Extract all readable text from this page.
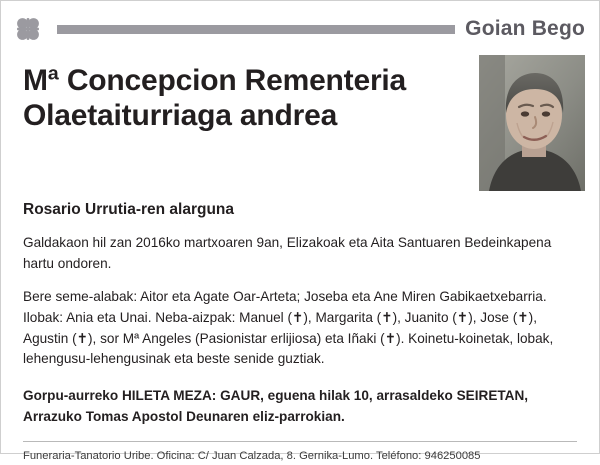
Goian Bego
Mª Concepcion Rementeria Olaetaiturriaga andrea
Rosario Urrutia-ren alarguna

Galdakaon hil zan 2016ko martxoaren 9an, Elizakoak eta Aita Santuaren Bedeinkapena hartu ondoren.

Bere seme-alabak: Aitor eta Agate Oar-Arteta; Joseba eta Ane Miren Gabikaetxebarria. Ilobak: Ania eta Unai. Neba-aizpak: Manuel (✝), Margarita (✝), Juanito (✝), Jose (✝), Agustin (✝), sor Mª Angeles (Pasionistar erlijiosa) eta Iñaki (✝). Koinetu-koinetak, lobak, lehengusu-lehengusinak eta beste senide guztiak.

Gorpu-aurreko HILETA MEZA: GAUR, eguena hilak 10, arrasaldeko SEIRETAN, Arrazuko Tomas Apostol Deunaren eliz-parrokian.

Funeraria-Tanatorio Uribe. Oficina: C/ Juan Calzada, 8. Gernika-Lumo. Teléfono: 946250085
